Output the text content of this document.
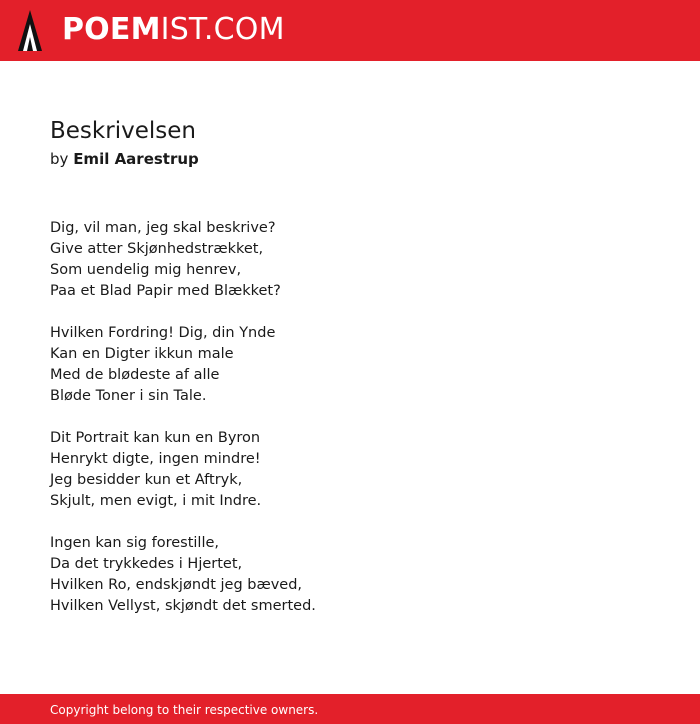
POEMIST.COM
Beskrivelsen
by Emil Aarestrup
Dig, vil man, jeg skal beskrive?
Give atter Skjønhedstrækket,
Som uendelig mig henrev,
Paa et Blad Papir med Blækket?
Hvilken Fordring! Dig, din Ynde
Kan en Digter ikkun male
Med de blødeste af alle
Bløde Toner i sin Tale.
Dit Portrait kan kun en Byron
Henrykt digte, ingen mindre!
Jeg besidder kun et Aftryk,
Skjult, men evigt, i mit Indre.
Ingen kan sig forestille,
Da det trykkedes i Hjertet,
Hvilken Ro, endskjøndt jeg bæved,
Hvilken Vellyst, skjøndt det smerted.
Copyright belong to their respective owners.
